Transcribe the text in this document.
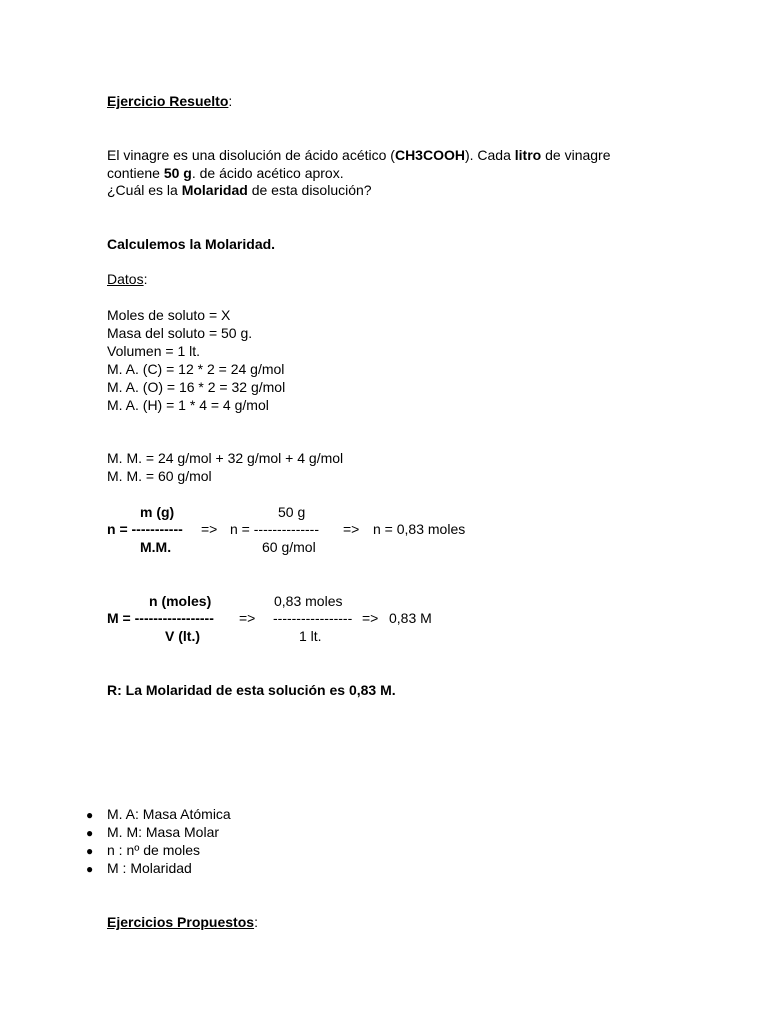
Ejercicio Resuelto:
El vinagre es una disolución de ácido acético (CH3COOH). Cada litro de vinagre
contiene 50 g. de ácido acético aprox.
¿Cuál es la Molaridad de esta disolución?
Calculemos la Molaridad.
Datos:
Moles de soluto = X
Masa del soluto = 50 g.
Volumen = 1 lt.
M. A. (C) = 12 * 2 = 24 g/mol
M. A. (O) = 16 * 2 = 32 g/mol
M. A. (H) = 1 * 4 = 4 g/mol
M. M. = 24 g/mol + 32 g/mol + 4 g/mol
M. M. = 60 g/mol
m (g)	50 g
n = ----------- => n = -------------- => n = 0,83 moles
M.M.	60 g/mol
n (moles)	0,83 moles
M = ----------------- => ----------------- => 0,83 M
V (lt.)	1 lt.
R: La Molaridad de esta solución es 0,83 M.
● M. A: Masa Atómica
● M. M: Masa Molar
● n : nº de moles
● M : Molaridad
Ejercicios Propuestos:
